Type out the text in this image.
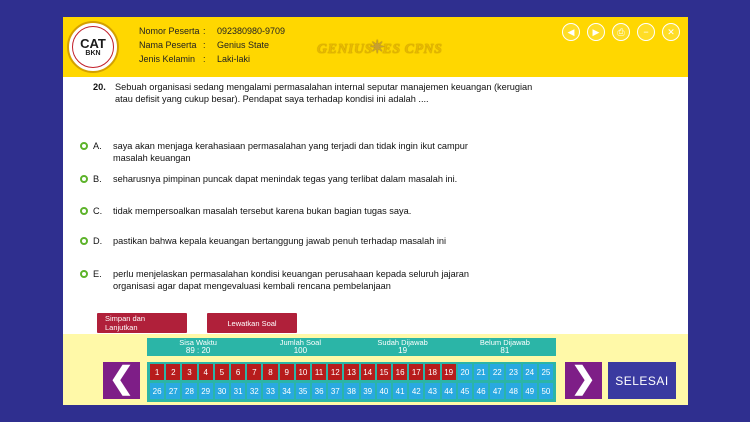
CAT
BKN
Nomor Peserta :	092380980-9709
Nama Peserta :	Genius State
Jenis Kelamin :	Laki-laki
GENIUS✴ES CPNS
◀	▶	⎙	−	✕
20.	Sebuah organisasi sedang mengalami permasalahan internal seputar manajemen keuangan (kerugian atau defisit yang cukup besar). Pendapat saya terhadap kondisi ini adalah ....
A.	saya akan menjaga kerahasiaan permasalahan yang terjadi dan tidak ingin ikut campur masalah keuangan
B.	seharusnya pimpinan puncak dapat menindak tegas yang terlibat dalam masalah ini.
C.	tidak mempersoalkan masalah tersebut karena bukan bagian tugas saya.
D.	pastikan bahwa kepala keuangan bertanggung jawab penuh terhadap masalah ini
E.	perlu menjelaskan permasalahan kondisi keuangan perusahaan kepada seluruh jajaran organisasi agar dapat mengevaluasi kembali rencana pembelanjaan
Simpan dan Lanjutkan	Lewatkan Soal
Sisa Waktu
89 : 20
Jumlah Soal
100
Sudah Dijawab
19
Belum Dijawab
81
❮	1	2	3	4	5	6	7	8	9	10 11 12 13 14 15 16 17 18 19 20 21 22 23 24 25
26 27 28 29 30 31 32 33 34 35 36 37 38 39 40 41 42 43 44 45 46 47 48 49 50 ❯	SELESAI
